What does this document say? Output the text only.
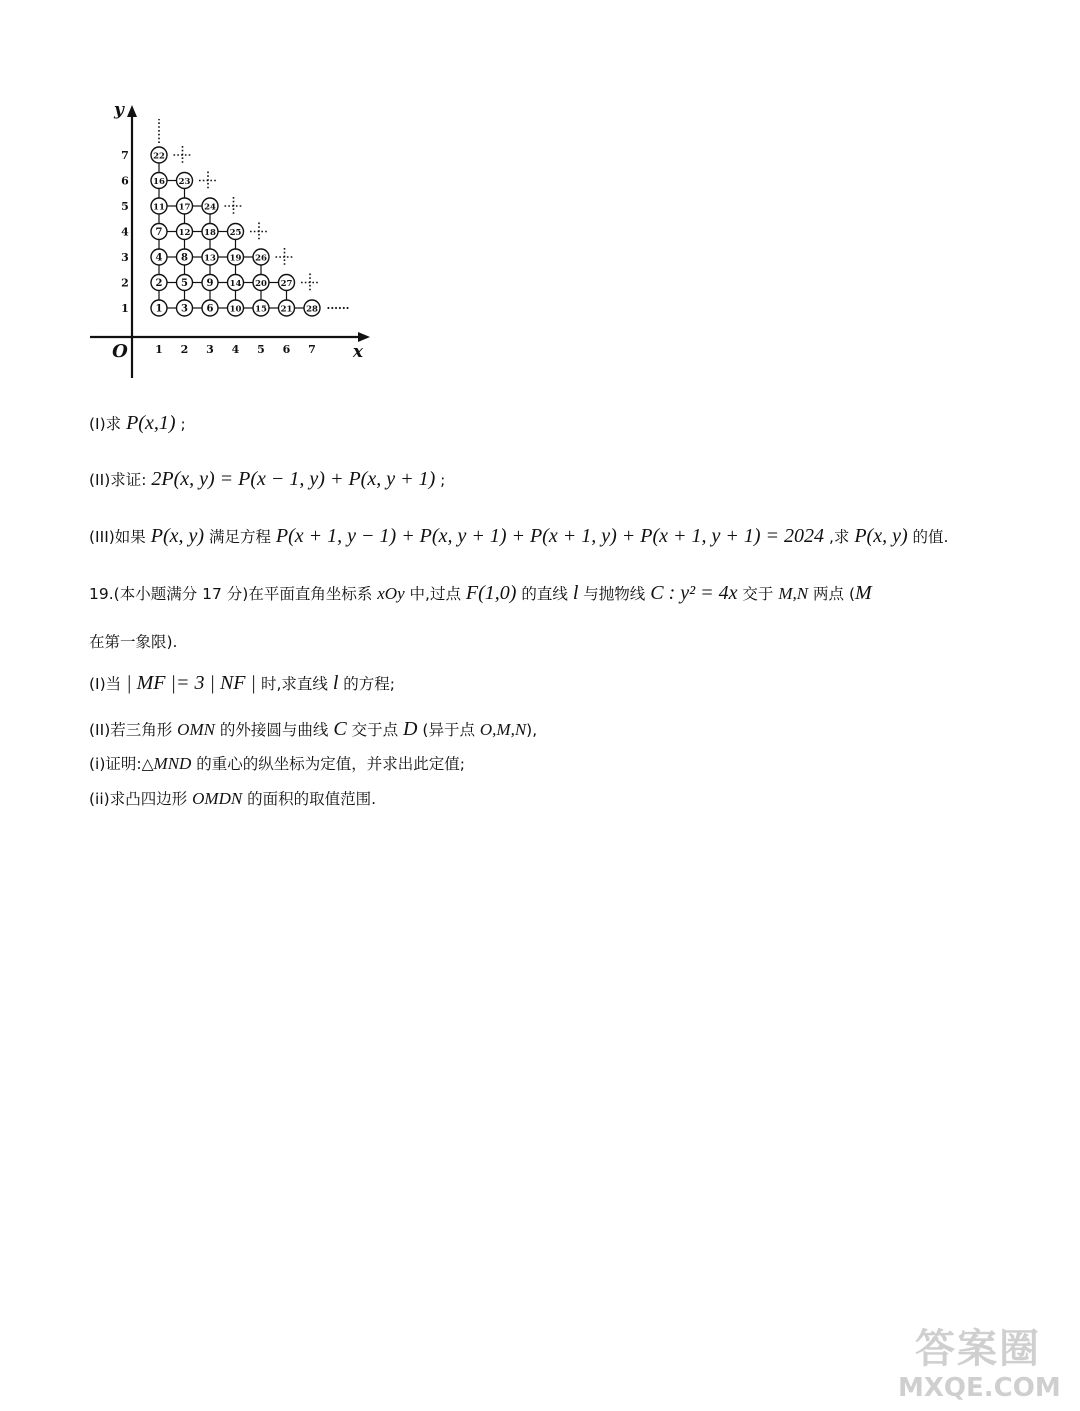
y
x
O 1 2 3 4 5 6 7
1
2
3
4
5
6
7
1 3 6 10 15 21 28
2 5 9 14 20 27
4 8 13 19 26
7 12 18 25
11 17 24
16 23
22
······
(I)求 P(x,1) ;
(II)求证: 2P(x, y) = P(x − 1, y) + P(x, y + 1) ;
(III)如果 P(x, y) 满足方程 P(x + 1, y − 1) + P(x, y + 1) + P(x + 1, y) + P(x + 1, y + 1) = 2024 ,求 P(x, y) 的值.
19.(本小题满分 17 分)在平面直角坐标系 xOy 中,过点 F(1,0) 的直线 l 与抛物线 C : y² = 4x 交于 M,N 两点 (M
在第一象限).
(I)当 | MF |= 3 | NF | 时,求直线 l 的方程;
(II)若三角形 OMN 的外接圆与曲线 C 交于点 D (异于点 O,M,N),
(i)证明:△MND 的重心的纵坐标为定值，并求出此定值;
(ii)求凸四边形 OMDN 的面积的取值范围.
答案圈
MXQE.COM
